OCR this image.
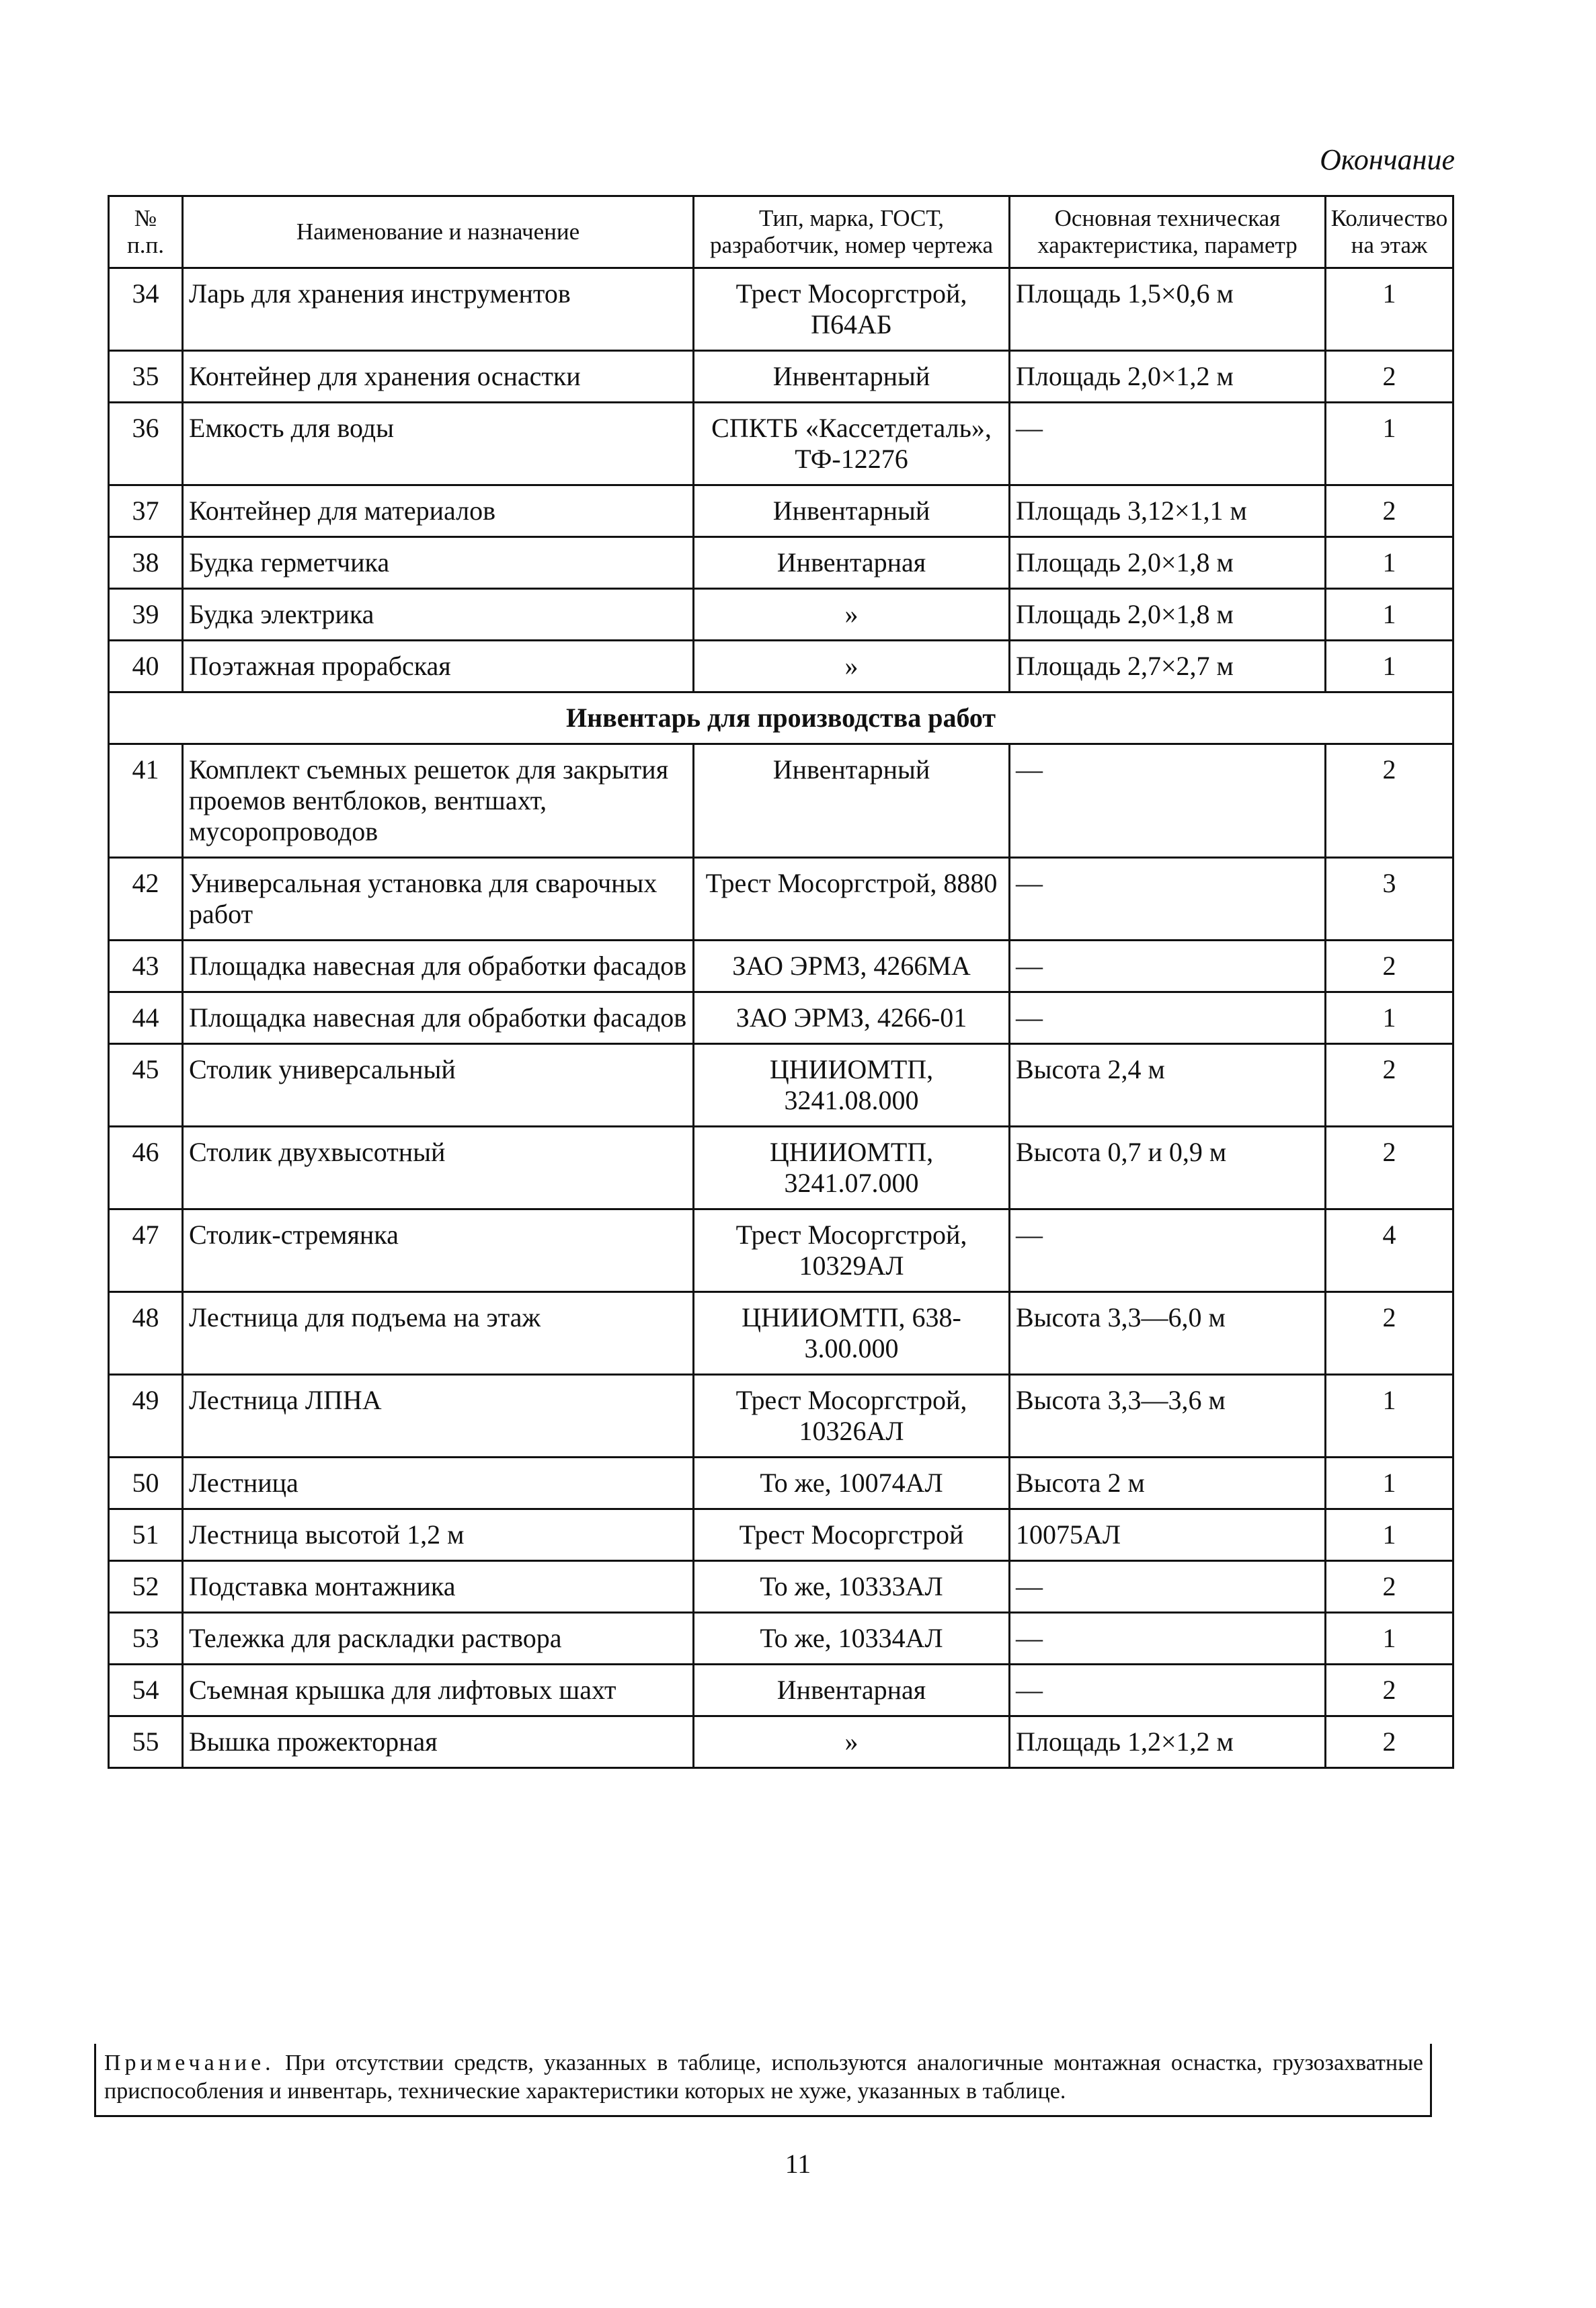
Окончание
№ п.п.	Наименование и назначение	Тип, марка, ГОСТ, разработчик, номер чертежа	Основная техническая характеристика, параметр	Количество на этаж
34	Ларь для хранения инструментов	Трест Мосоргстрой, П64АБ	Площадь 1,5×0,6 м	1
35	Контейнер для хранения оснастки	Инвентарный	Площадь 2,0×1,2 м	2
36	Емкость для воды	СПКТБ «Кассетдеталь», ТФ-12276	—	1
37	Контейнер для материалов	Инвентарный	Площадь 3,12×1,1 м	2
38	Будка герметчика	Инвентарная	Площадь 2,0×1,8 м	1
39	Будка электрика	»	Площадь 2,0×1,8 м	1
40	Поэтажная прорабская	»	Площадь 2,7×2,7 м	1
Инвентарь для производства работ				
41	Комплект съемных решеток для закрытия проемов вентблоков, вентшахт, мусоропроводов	Инвентарный	—	2
42	Универсальная установка для сварочных работ	Трест Мосоргстрой, 8880	—	3
43	Площадка навесная для обработки фасадов	ЗАО ЭРМЗ, 4266МА	—	2
44	Площадка навесная для обработки фасадов	ЗАО ЭРМЗ, 4266-01	—	1
45	Столик универсальный	ЦНИИОМТП, 3241.08.000	Высота 2,4 м	2
46	Столик двухвысотный	ЦНИИОМТП, 3241.07.000	Высота 0,7 и 0,9 м	2
47	Столик-стремянка	Трест Мосоргстрой, 10329АЛ	—	4
48	Лестница для подъема на этаж	ЦНИИОМТП, 638-3.00.000	Высота 3,3—6,0 м	2
49	Лестница ЛПНА	Трест Мосоргстрой, 10326АЛ	Высота 3,3—3,6 м	1
50	Лестница	То же, 10074АЛ	Высота 2 м	1
51	Лестница высотой 1,2 м	Трест Мосоргстрой	10075АЛ	1
52	Подставка монтажника	То же, 10333АЛ	—	2
53	Тележка для раскладки раствора	То же, 10334АЛ	—	1
54	Съемная крышка для лифтовых шахт	Инвентарная	—	2
55	Вышка прожекторная	»	Площадь 1,2×1,2 м	2
Примечание. При отсутствии средств, указанных в таблице, используются аналогичные монтажная оснастка, грузозахватные приспособления и инвентарь, технические характеристики которых не хуже, указанных в таблице.
11
